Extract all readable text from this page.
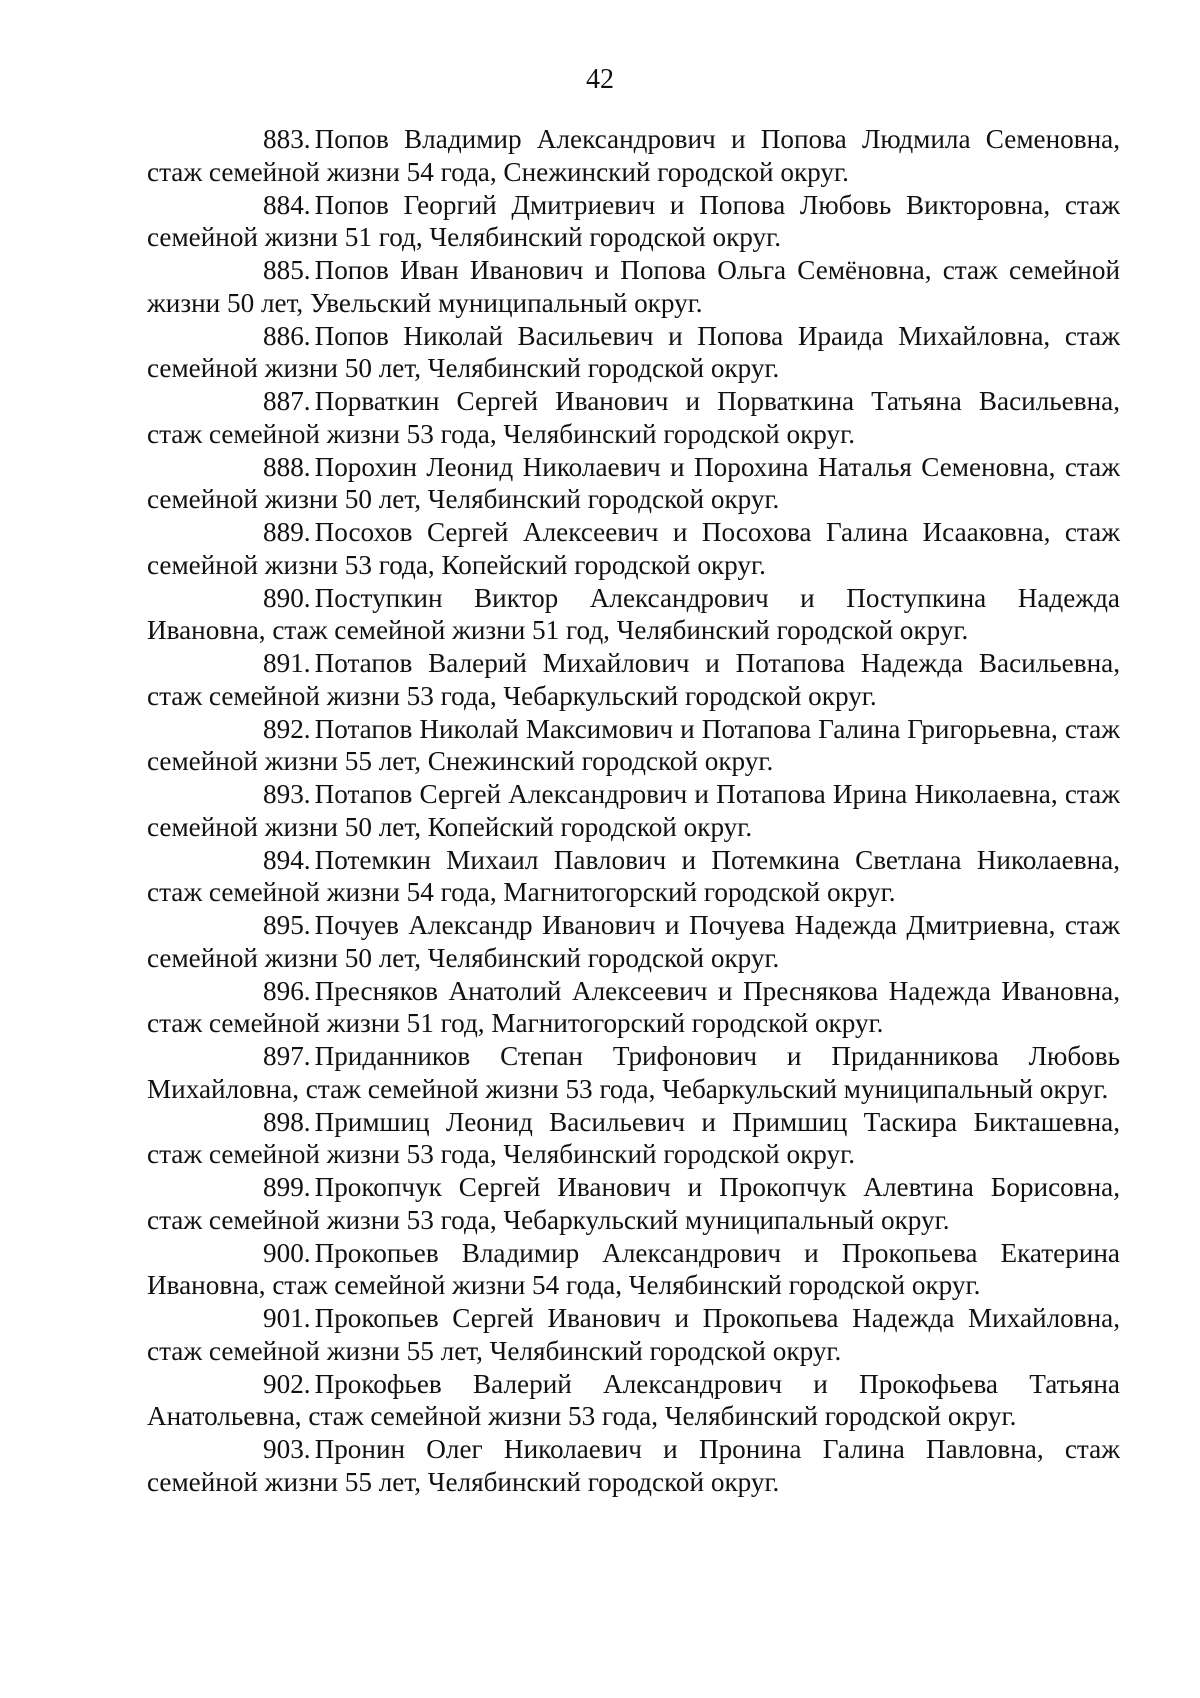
42

883. Попов Владимир Александрович и Попова Людмила Семеновна, стаж семейной жизни 54 года, Снежинский городской округ.

884. Попов Георгий Дмитриевич и Попова Любовь Викторовна, стаж семейной жизни 51 год, Челябинский городской округ.

885. Попов Иван Иванович и Попова Ольга Семёновна, стаж семейной жизни 50 лет, Увельский муниципальный округ.

886. Попов Николай Васильевич и Попова Ираида Михайловна, стаж семейной жизни 50 лет, Челябинский городской округ.

887. Порваткин Сергей Иванович и Порваткина Татьяна Васильевна, стаж семейной жизни 53 года, Челябинский городской округ.

888. Порохин Леонид Николаевич и Порохина Наталья Семеновна, стаж семейной жизни 50 лет, Челябинский городской округ.

889. Посохов Сергей Алексеевич и Посохова Галина Исааковна, стаж семейной жизни 53 года, Копейский городской округ.

890. Поступкин Виктор Александрович и Поступкина Надежда Ивановна, стаж семейной жизни 51 год, Челябинский городской округ.

891. Потапов Валерий Михайлович и Потапова Надежда Васильевна, стаж семейной жизни 53 года, Чебаркульский городской округ.

892. Потапов Николай Максимович и Потапова Галина Григорьевна, стаж семейной жизни 55 лет, Снежинский городской округ.

893. Потапов Сергей Александрович и Потапова Ирина Николаевна, стаж семейной жизни 50 лет, Копейский городской округ.

894. Потемкин Михаил Павлович и Потемкина Светлана Николаевна, стаж семейной жизни 54 года, Магнитогорский городской округ.

895. Почуев Александр Иванович и Почуева Надежда Дмитриевна, стаж семейной жизни 50 лет, Челябинский городской округ.

896. Пресняков Анатолий Алексеевич и Преснякова Надежда Ивановна, стаж семейной жизни 51 год, Магнитогорский городской округ.

897. Приданников Степан Трифонович и Приданникова Любовь Михайловна, стаж семейной жизни 53 года, Чебаркульский муниципальный округ.

898. Примшиц Леонид Васильевич и Примшиц Таскира Бикташевна, стаж семейной жизни 53 года, Челябинский городской округ.

899. Прокопчук Сергей Иванович и Прокопчук Алевтина Борисовна, стаж семейной жизни 53 года, Чебаркульский муниципальный округ.

900. Прокопьев Владимир Александрович и Прокопьева Екатерина Ивановна, стаж семейной жизни 54 года, Челябинский городской округ.

901. Прокопьев Сергей Иванович и Прокопьева Надежда Михайловна, стаж семейной жизни 55 лет, Челябинский городской округ.

902. Прокофьев Валерий Александрович и Прокофьева Татьяна Анатольевна, стаж семейной жизни 53 года, Челябинский городской округ.

903. Пронин Олег Николаевич и Пронина Галина Павловна, стаж семейной жизни 55 лет, Челябинский городской округ.
